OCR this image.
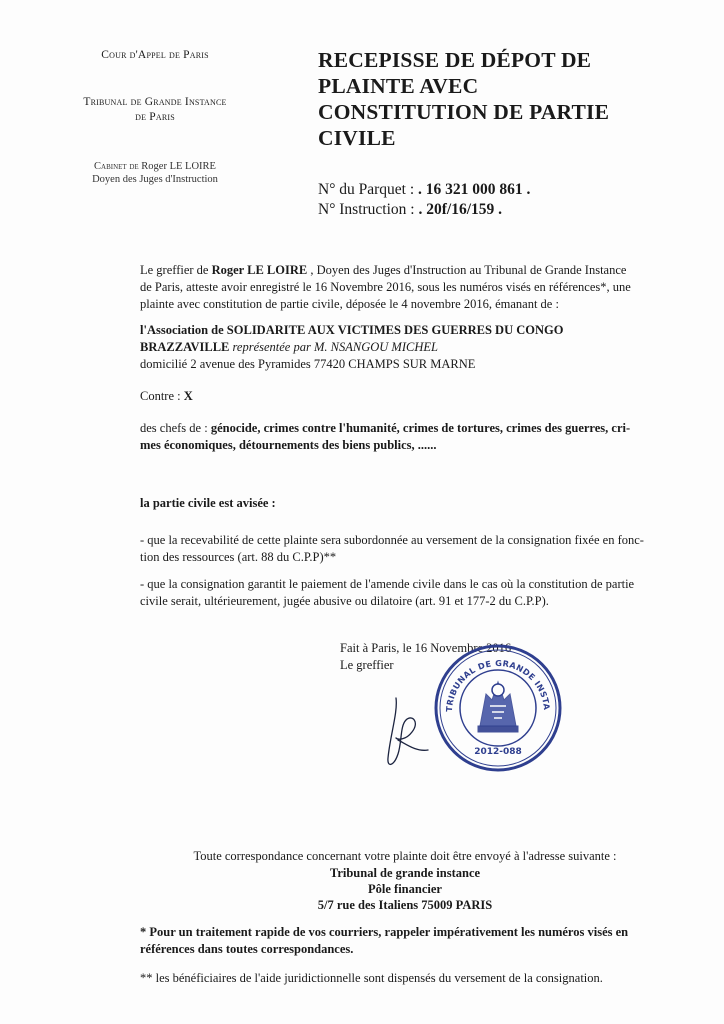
Cour d'Appel de Paris
Tribunal de Grande Instance
de Paris
Cabinet de Roger LE LOIRE
Doyen des Juges d'Instruction
RECEPISSE DE DÉPOT DE
PLAINTE AVEC
CONSTITUTION DE PARTIE
CIVILE
N° du Parquet : . 16 321 000 861 .
N° Instruction : . 20f/16/159 .
Le greffier de Roger LE LOIRE , Doyen des Juges d'Instruction au Tribunal de Grande Instance
de Paris, atteste avoir enregistré le 16 Novembre 2016, sous les numéros visés en références*, une
plainte avec constitution de partie civile, déposée le 4 novembre 2016, émanant de :
l'Association de SOLIDARITE AUX VICTIMES DES GUERRES DU CONGO
BRAZZAVILLE représentée par M. NSANGOU MICHEL
domicilié 2 avenue des Pyramides 77420 CHAMPS SUR MARNE
Contre : X
des chefs de : génocide, crimes contre l'humanité, crimes de tortures, crimes des guerres, cri-
mes économiques, détournements des biens publics, ......
la partie civile est avisée :
- que la recevabilité de cette plainte sera subordonnée au versement de la consignation fixée en fonc-
tion des ressources (art. 88 du C.P.P)**
- que la consignation garantit le paiement de l'amende civile dans le cas où la constitution de partie
civile serait, ultérieurement, jugée abusive ou dilatoire (art. 91 et 177-2 du C.P.P).
Fait à Paris, le 16 Novembre 2016
Le greffier
TRIBUNAL DE GRANDE INSTA
2012-088
Toute correspondance concernant votre plainte doit être envoyé à l'adresse suivante :
Tribunal de grande instance
Pôle financier
5/7 rue des Italiens 75009 PARIS
* Pour un traitement rapide de vos courriers, rappeler impérativement les numéros visés en
références dans toutes correspondances.
** les bénéficiaires de l'aide juridictionnelle sont dispensés du versement de la consignation.
